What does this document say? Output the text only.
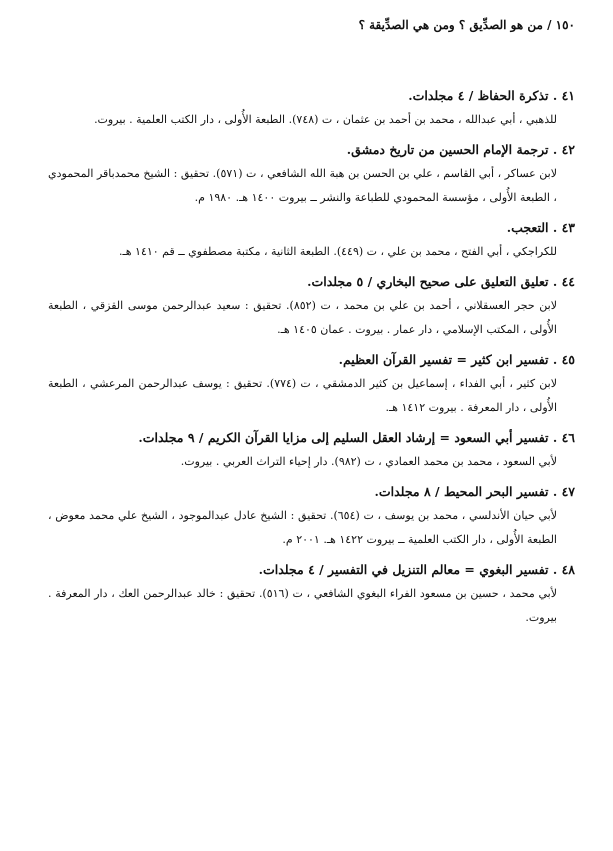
١٥٠ / من هو الصدِّيق ؟ ومن هي الصدِّيقة ؟
٤١ . تذكرة الحفاظ / ٤ مجلدات.
للذهبي ، أبي عبدالله ، محمد بن أحمد بن عثمان ، ت (٧٤٨). الطبعة الأُولى ، دار الكتب العلمية . بيروت.
٤٢ . ترجمة الإمام الحسين من تاريخ دمشق.
لابن عساكر ، أبي القاسم ، علي بن الحسن بن هبة الله الشافعي ، ت (٥٧١). تحقيق : الشيخ محمدباقر المحمودي ، الطبعة الأُولى ، مؤسسة المحمودي للطباعة والنشر ــ بيروت ١٤٠٠ هـ. ١٩٨٠ م.
٤٣ . التعجب.
للكراجكي ، أبي الفتح ، محمد بن علي ، ت (٤٤٩). الطبعة الثانية ، مكتبة مصطفوي ــ قم ١٤١٠ هـ.
٤٤ . تعليق التعليق على صحيح البخاري / ٥ مجلدات.
لابن حجر العسقلاني ، أحمد بن علي بن محمد ، ت (٨٥٢). تحقيق : سعيد عبدالرحمن موسى القزقي ، الطبعة الأُولى ، المكتب الإسلامي ، دار عمار . بيروت . عمان ١٤٠٥ هـ.
٤٥ . تفسير ابن كثير = تفسير القرآن العظيم.
لابن كثير ، أبي الفداء ، إسماعيل بن كثير الدمشقي ، ت (٧٧٤). تحقيق : يوسف عبدالرحمن المرعشي ، الطبعة الأُولى ، دار المعرفة . بيروت ١٤١٢ هـ.
٤٦ . تفسير أبي السعود = إرشاد العقل السليم إلى مزايا القرآن الكريم / ٩ مجلدات.
لأبي السعود ، محمد بن محمد العمادي ، ت (٩٨٢). دار إحياء التراث العربي . بيروت.
٤٧ . تفسير البحر المحيط / ٨ مجلدات.
لأبي حيان الأندلسي ، محمد بن يوسف ، ت (٦٥٤). تحقيق : الشيخ عادل عبدالموجود ، الشيخ علي محمد معوض ، الطبعة الأُولى ، دار الكتب العلمية ــ بيروت ١٤٢٢ هـ. ٢٠٠١ م.
٤٨ . تفسير البغوي = معالم التنزيل في التفسير / ٤ مجلدات.
لأبي محمد ، حسين بن مسعود الفراء البغوي الشافعي ، ت (٥١٦). تحقيق : خالد عبدالرحمن العك ، دار المعرفة . بيروت.
